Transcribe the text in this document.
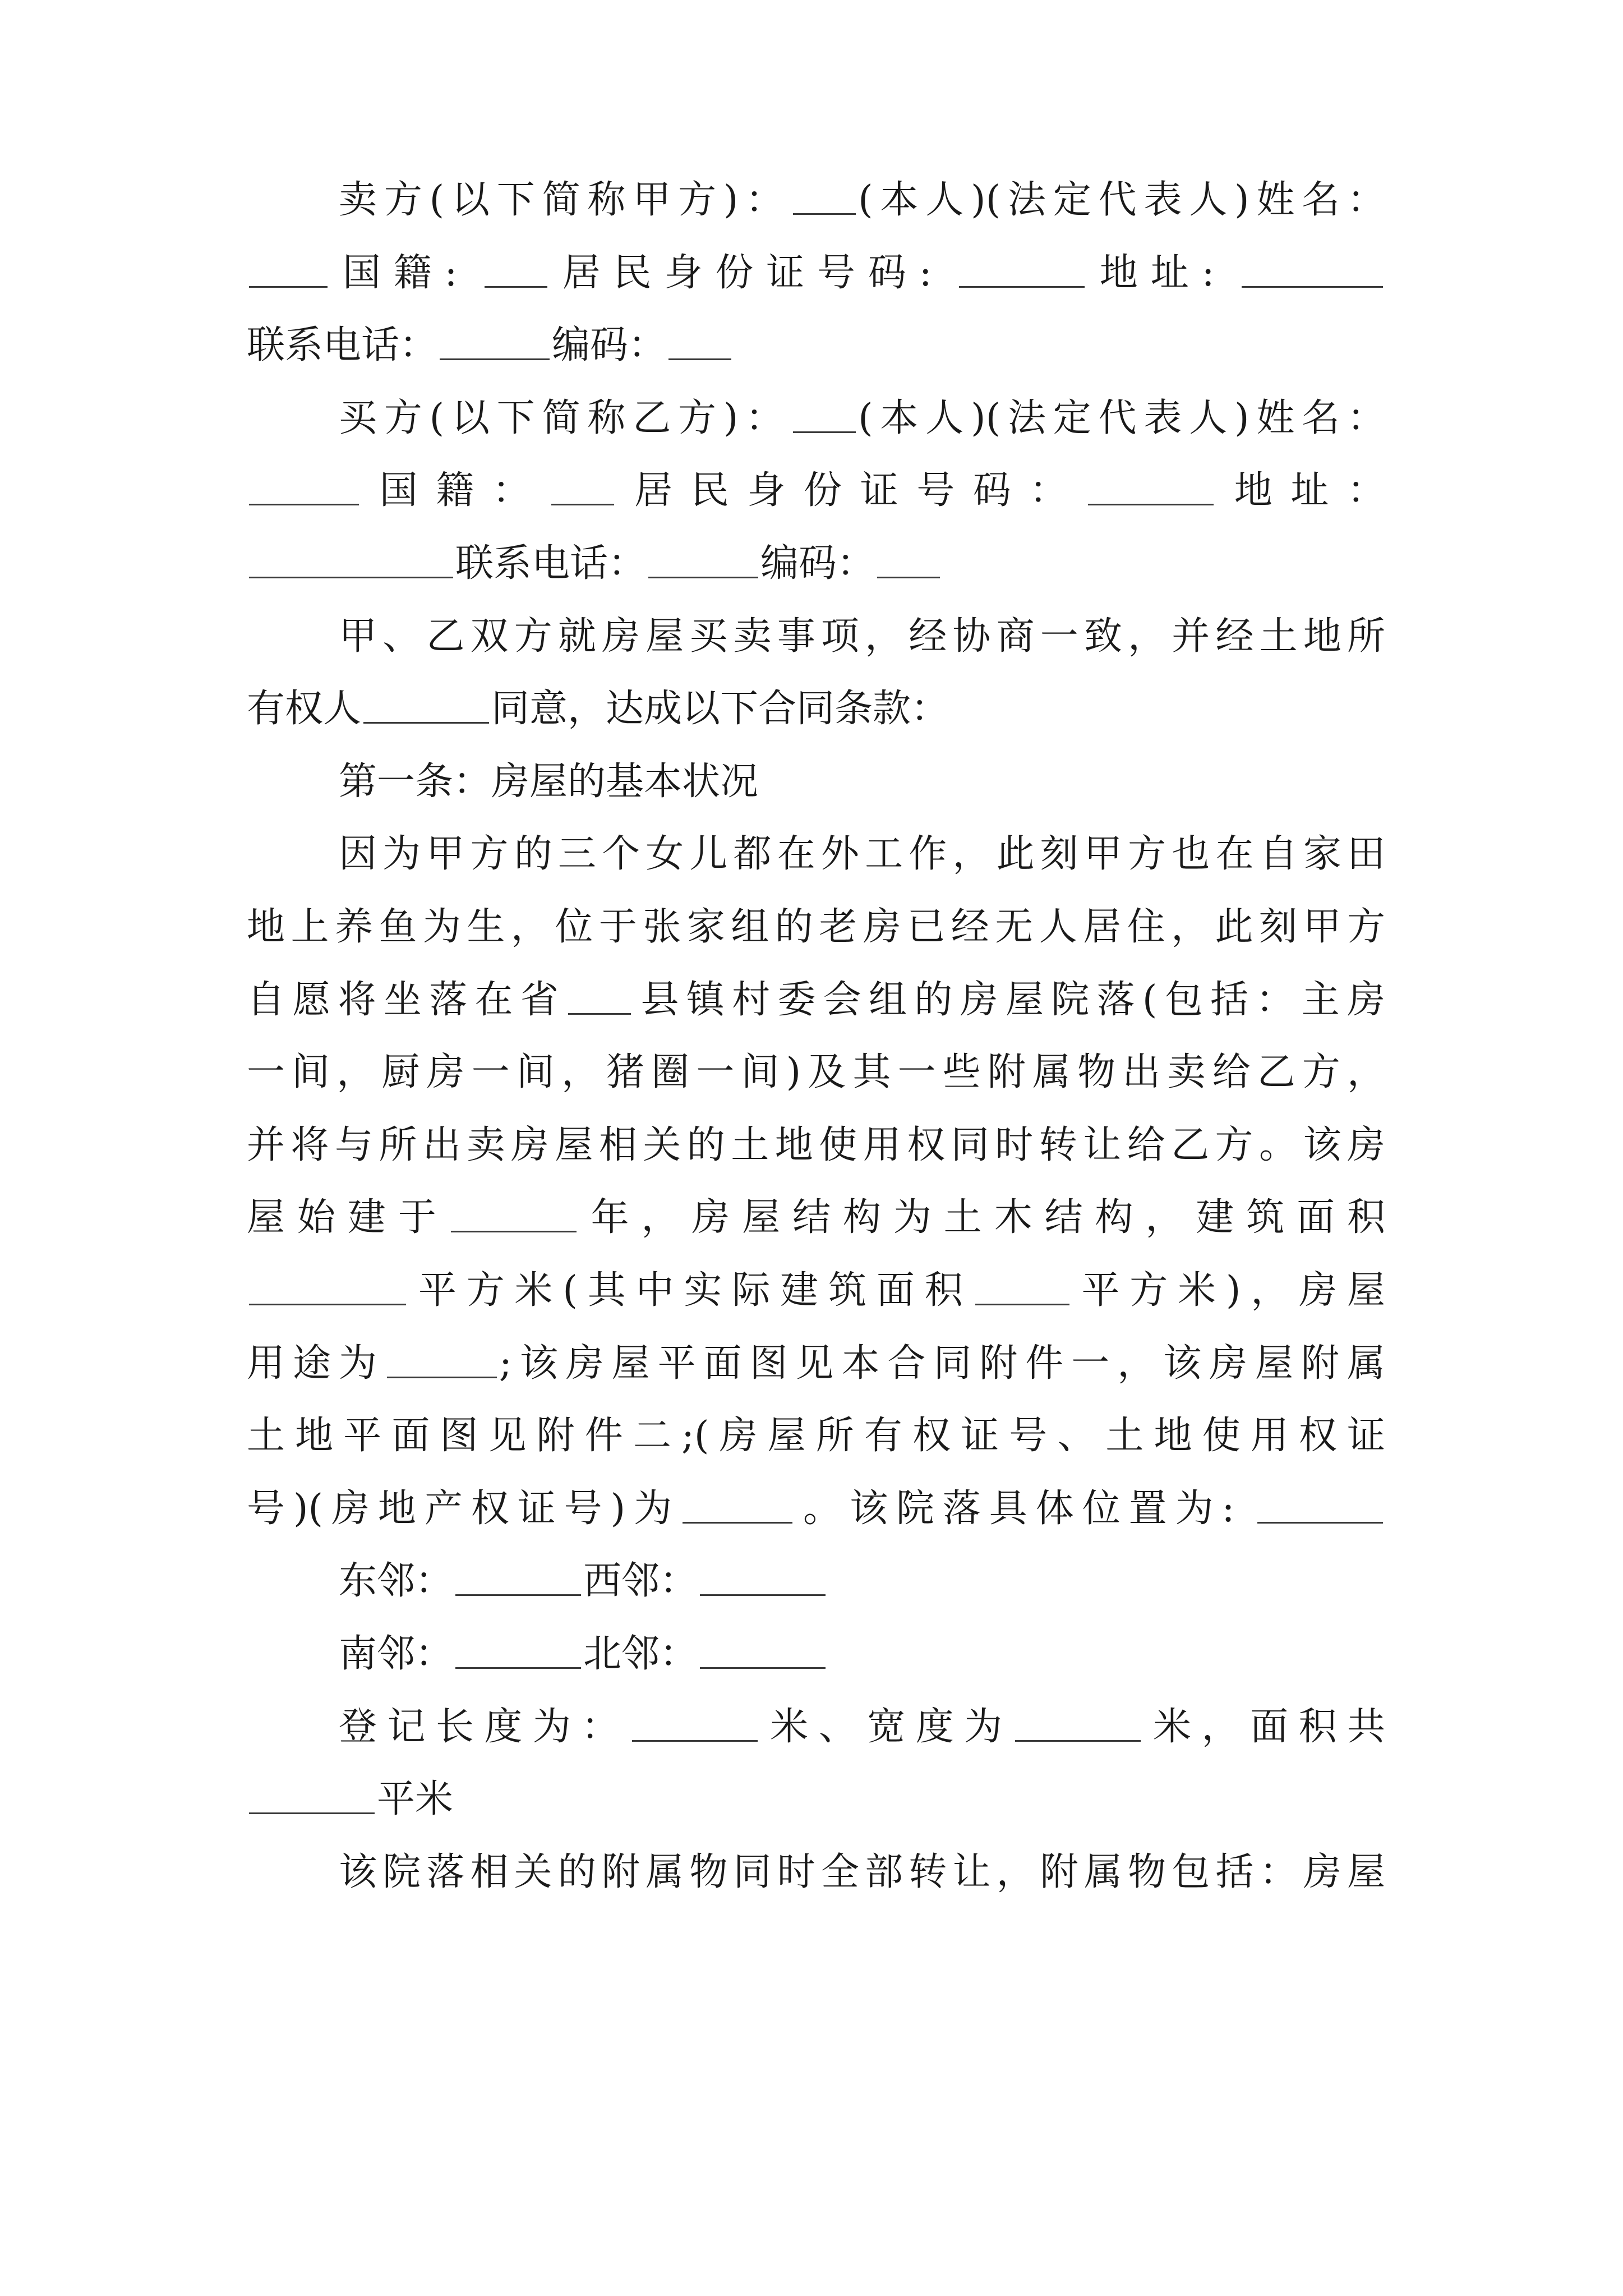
卖方(以下简称甲方)： (本人)(法定代表人)姓名：
国籍: 居民身份证号码:	地址:
联系电话：	编码：
买方(以下简称乙方)： (本人)(法定代表人)姓名：
国籍： 居民身份证号码：	地址：
联系电话：	编码：
甲、乙双方就房屋买卖事项，经协商一致，并经土地所
有权人	同意，达成以下合同条款：
第一条：房屋的基本状况
因为甲方的三个女儿都在外工作，此刻甲方也在自家田
地上养鱼为生，位于张家组的老房已经无人居住，此刻甲方
自愿将坐落在省 县镇村委会组的房屋院落(包括：主房
一间，厨房一间，猪圈一间)及其一些附属物出卖给乙方，
并将与所出卖房屋相关的土地使用权同时转让给乙方。该房
屋始建于	年，房屋结构为土木结构，建筑面积
平方米(其中实际建筑面积	平方米)，房屋
用途为	;该房屋平面图见本合同附件一，该房屋附属
土地平面图见附件二;(房屋所有权证号、土地使用权证
号)(房地产权证号)为	。该院落具体位置为:
东邻：	西邻：
南邻：	北邻：
登记长度为：	米、宽度为	米，面积共
平米
该院落相关的附属物同时全部转让，附属物包括：房屋
